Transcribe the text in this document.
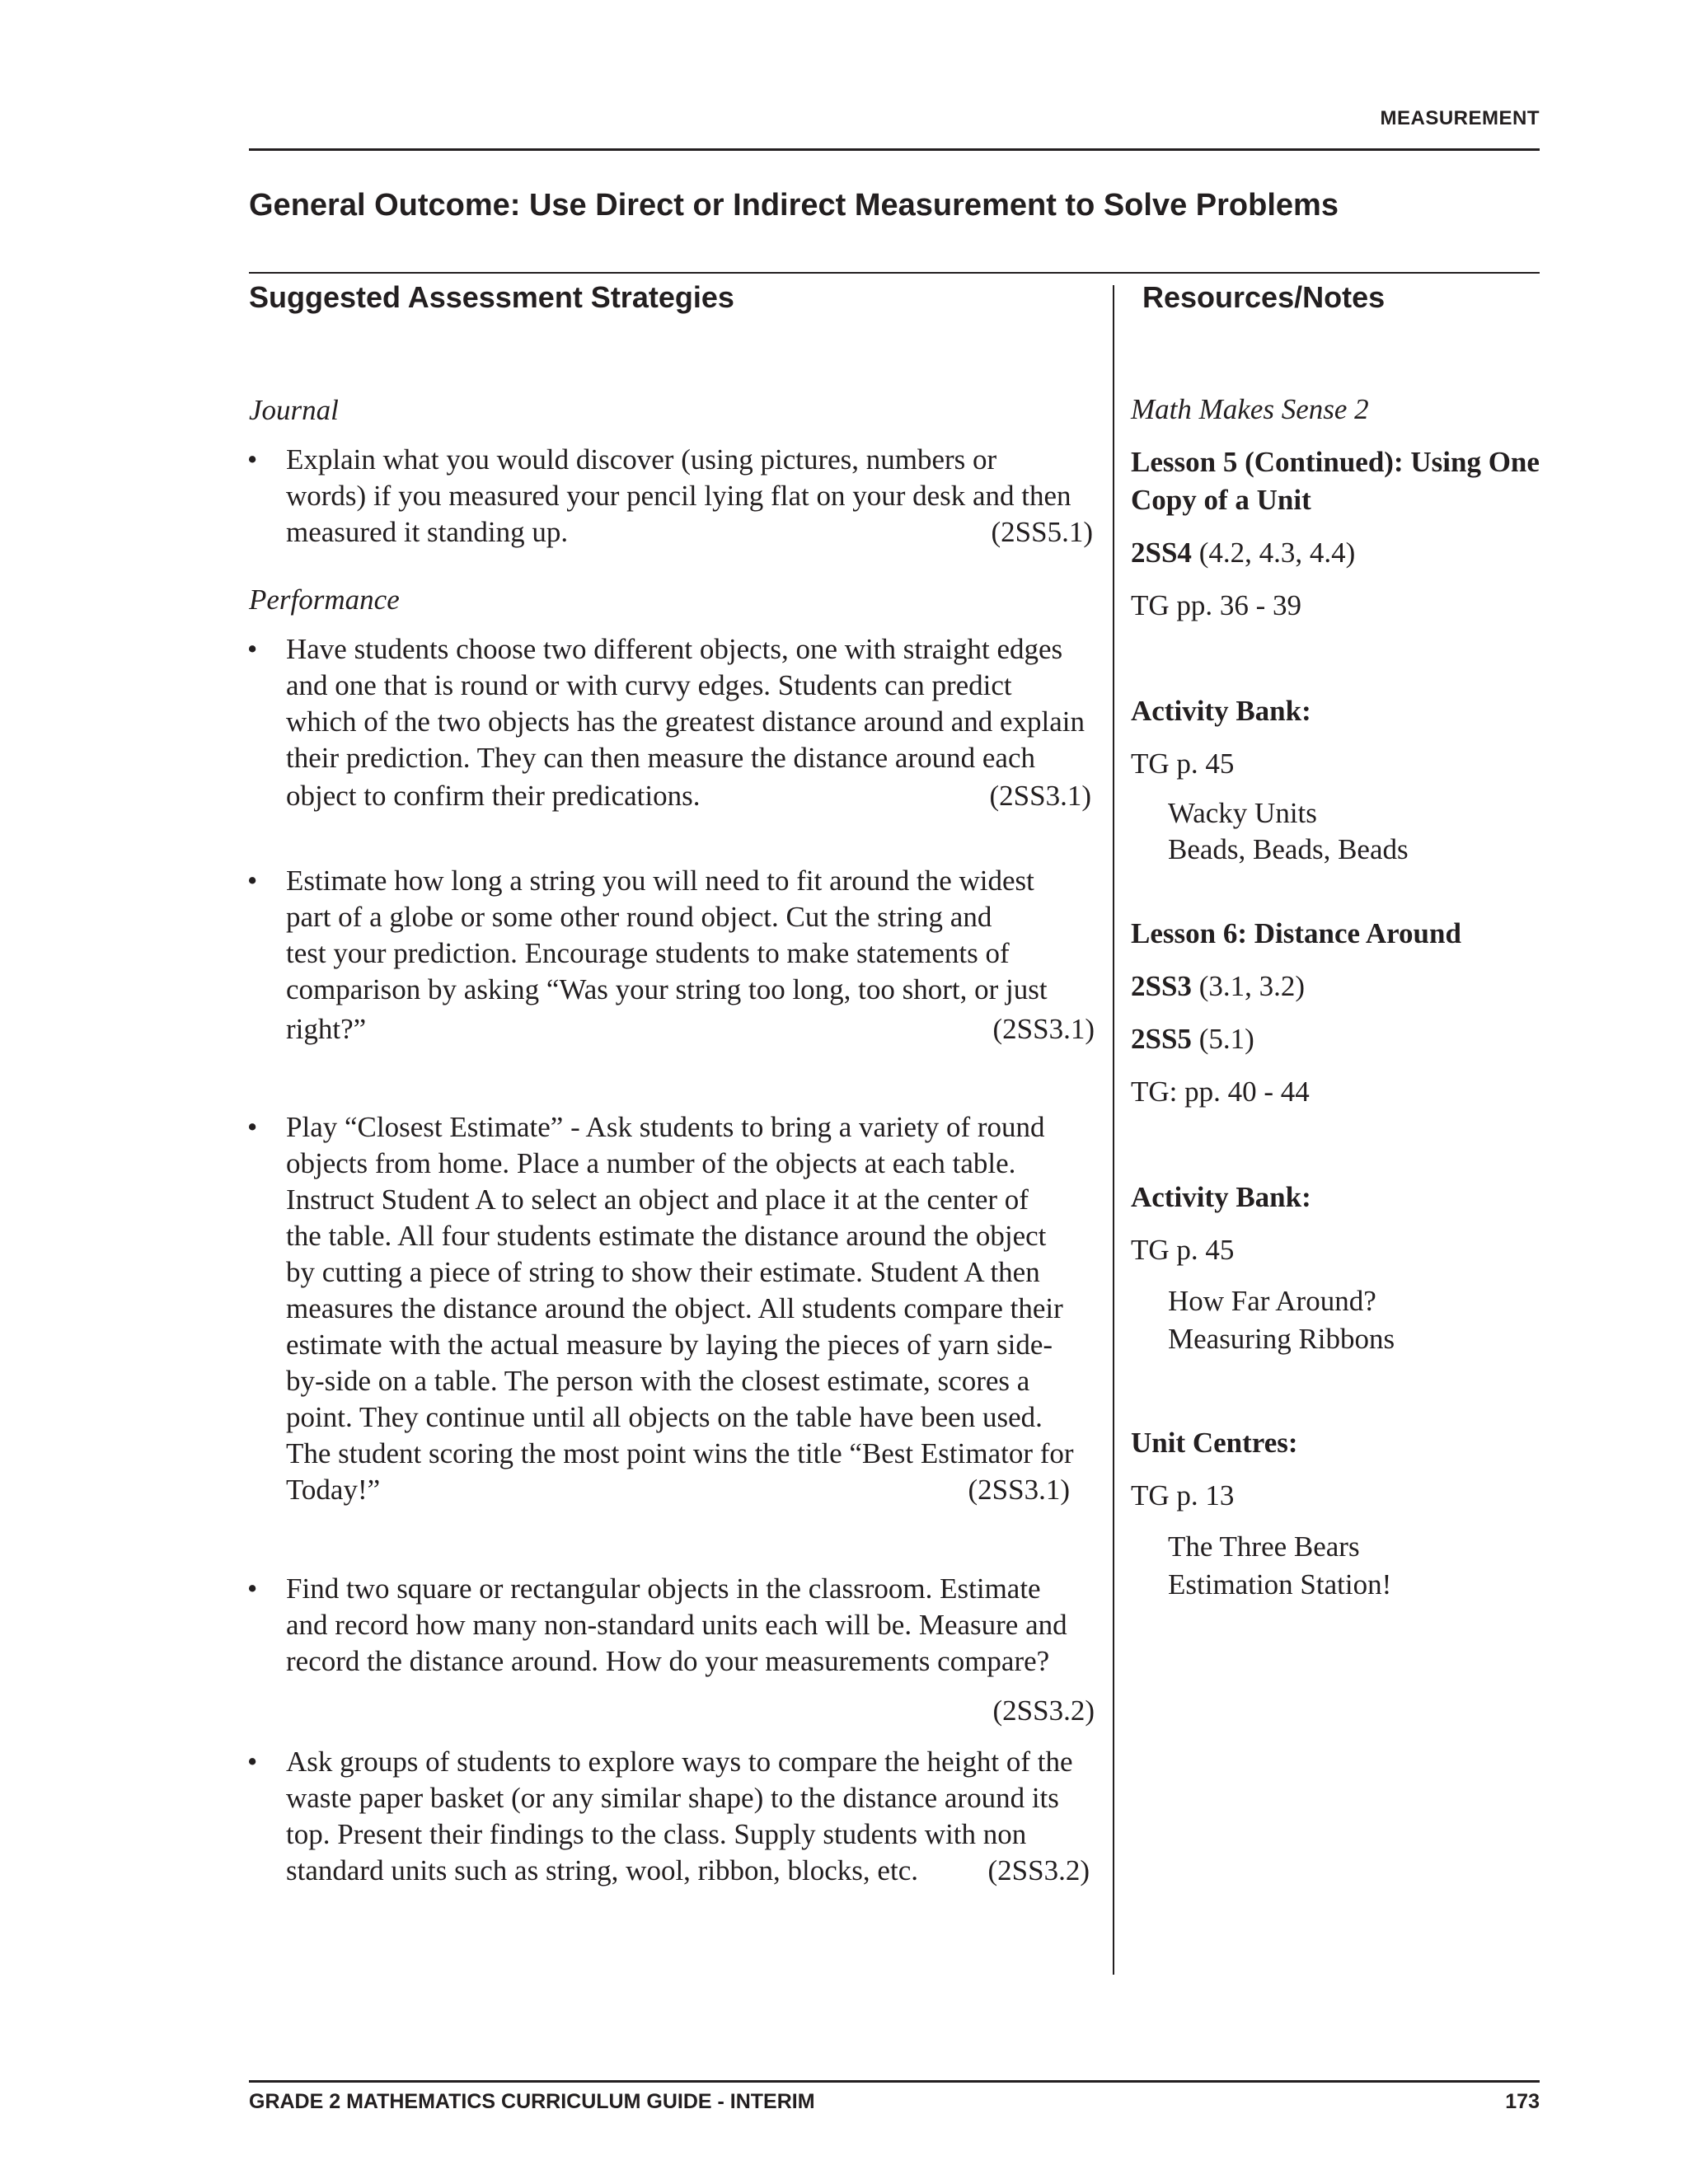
MEASUREMENT
General Outcome: Use Direct or Indirect Measurement to Solve Problems
Suggested Assessment Strategies	Resources/Notes
Journal
• Explain what you would discover (using pictures, numbers or
words) if you measured your pencil lying flat on your desk and then
measured it standing up.	(2SS5.1)
Performance
• Have students choose two different objects, one with straight edges
and one that is round or with curvy edges. Students can predict
which of the two objects has the greatest distance around and explain
their prediction. They can then measure the distance around each
object to confirm their predications.	(2SS3.1)
• Estimate how long a string you will need to fit around the widest
part of a globe or some other round object. Cut the string and
test your prediction. Encourage students to make statements of
comparison by asking “Was your string too long, too short, or just
right?”	(2SS3.1)
• Play “Closest Estimate” - Ask students to bring a variety of round
objects from home. Place a number of the objects at each table.
Instruct Student A to select an object and place it at the center of
the table. All four students estimate the distance around the object
by cutting a piece of string to show their estimate. Student A then
measures the distance around the object. All students compare their
estimate with the actual measure by laying the pieces of yarn side-
by-side on a table. The person with the closest estimate, scores a
point. They continue until all objects on the table have been used.
The student scoring the most point wins the title “Best Estimator for
Today!”	(2SS3.1)
• Find two square or rectangular objects in the classroom. Estimate
and record how many non-standard units each will be. Measure and
record the distance around. How do your measurements compare?
(2SS3.2)
• Ask groups of students to explore ways to compare the height of the
waste paper basket (or any similar shape) to the distance around its
top. Present their findings to the class. Supply students with non
standard units such as string, wool, ribbon, blocks, etc. (2SS3.2)
Math Makes Sense 2
Lesson 5 (Continued): Using One
Copy of a Unit
2SS4 (4.2, 4.3, 4.4)
TG pp. 36 - 39
Activity Bank:
TG p. 45
Wacky Units
Beads, Beads, Beads
Lesson 6: Distance Around
2SS3 (3.1, 3.2)
2SS5 (5.1)
TG: pp. 40 - 44
Activity Bank:
TG p. 45
How Far Around?
Measuring Ribbons
Unit Centres:
TG p. 13
The Three Bears
Estimation Station!
GRADE 2 MATHEMATICS CURRICULUM GUIDE - INTERIM	173
